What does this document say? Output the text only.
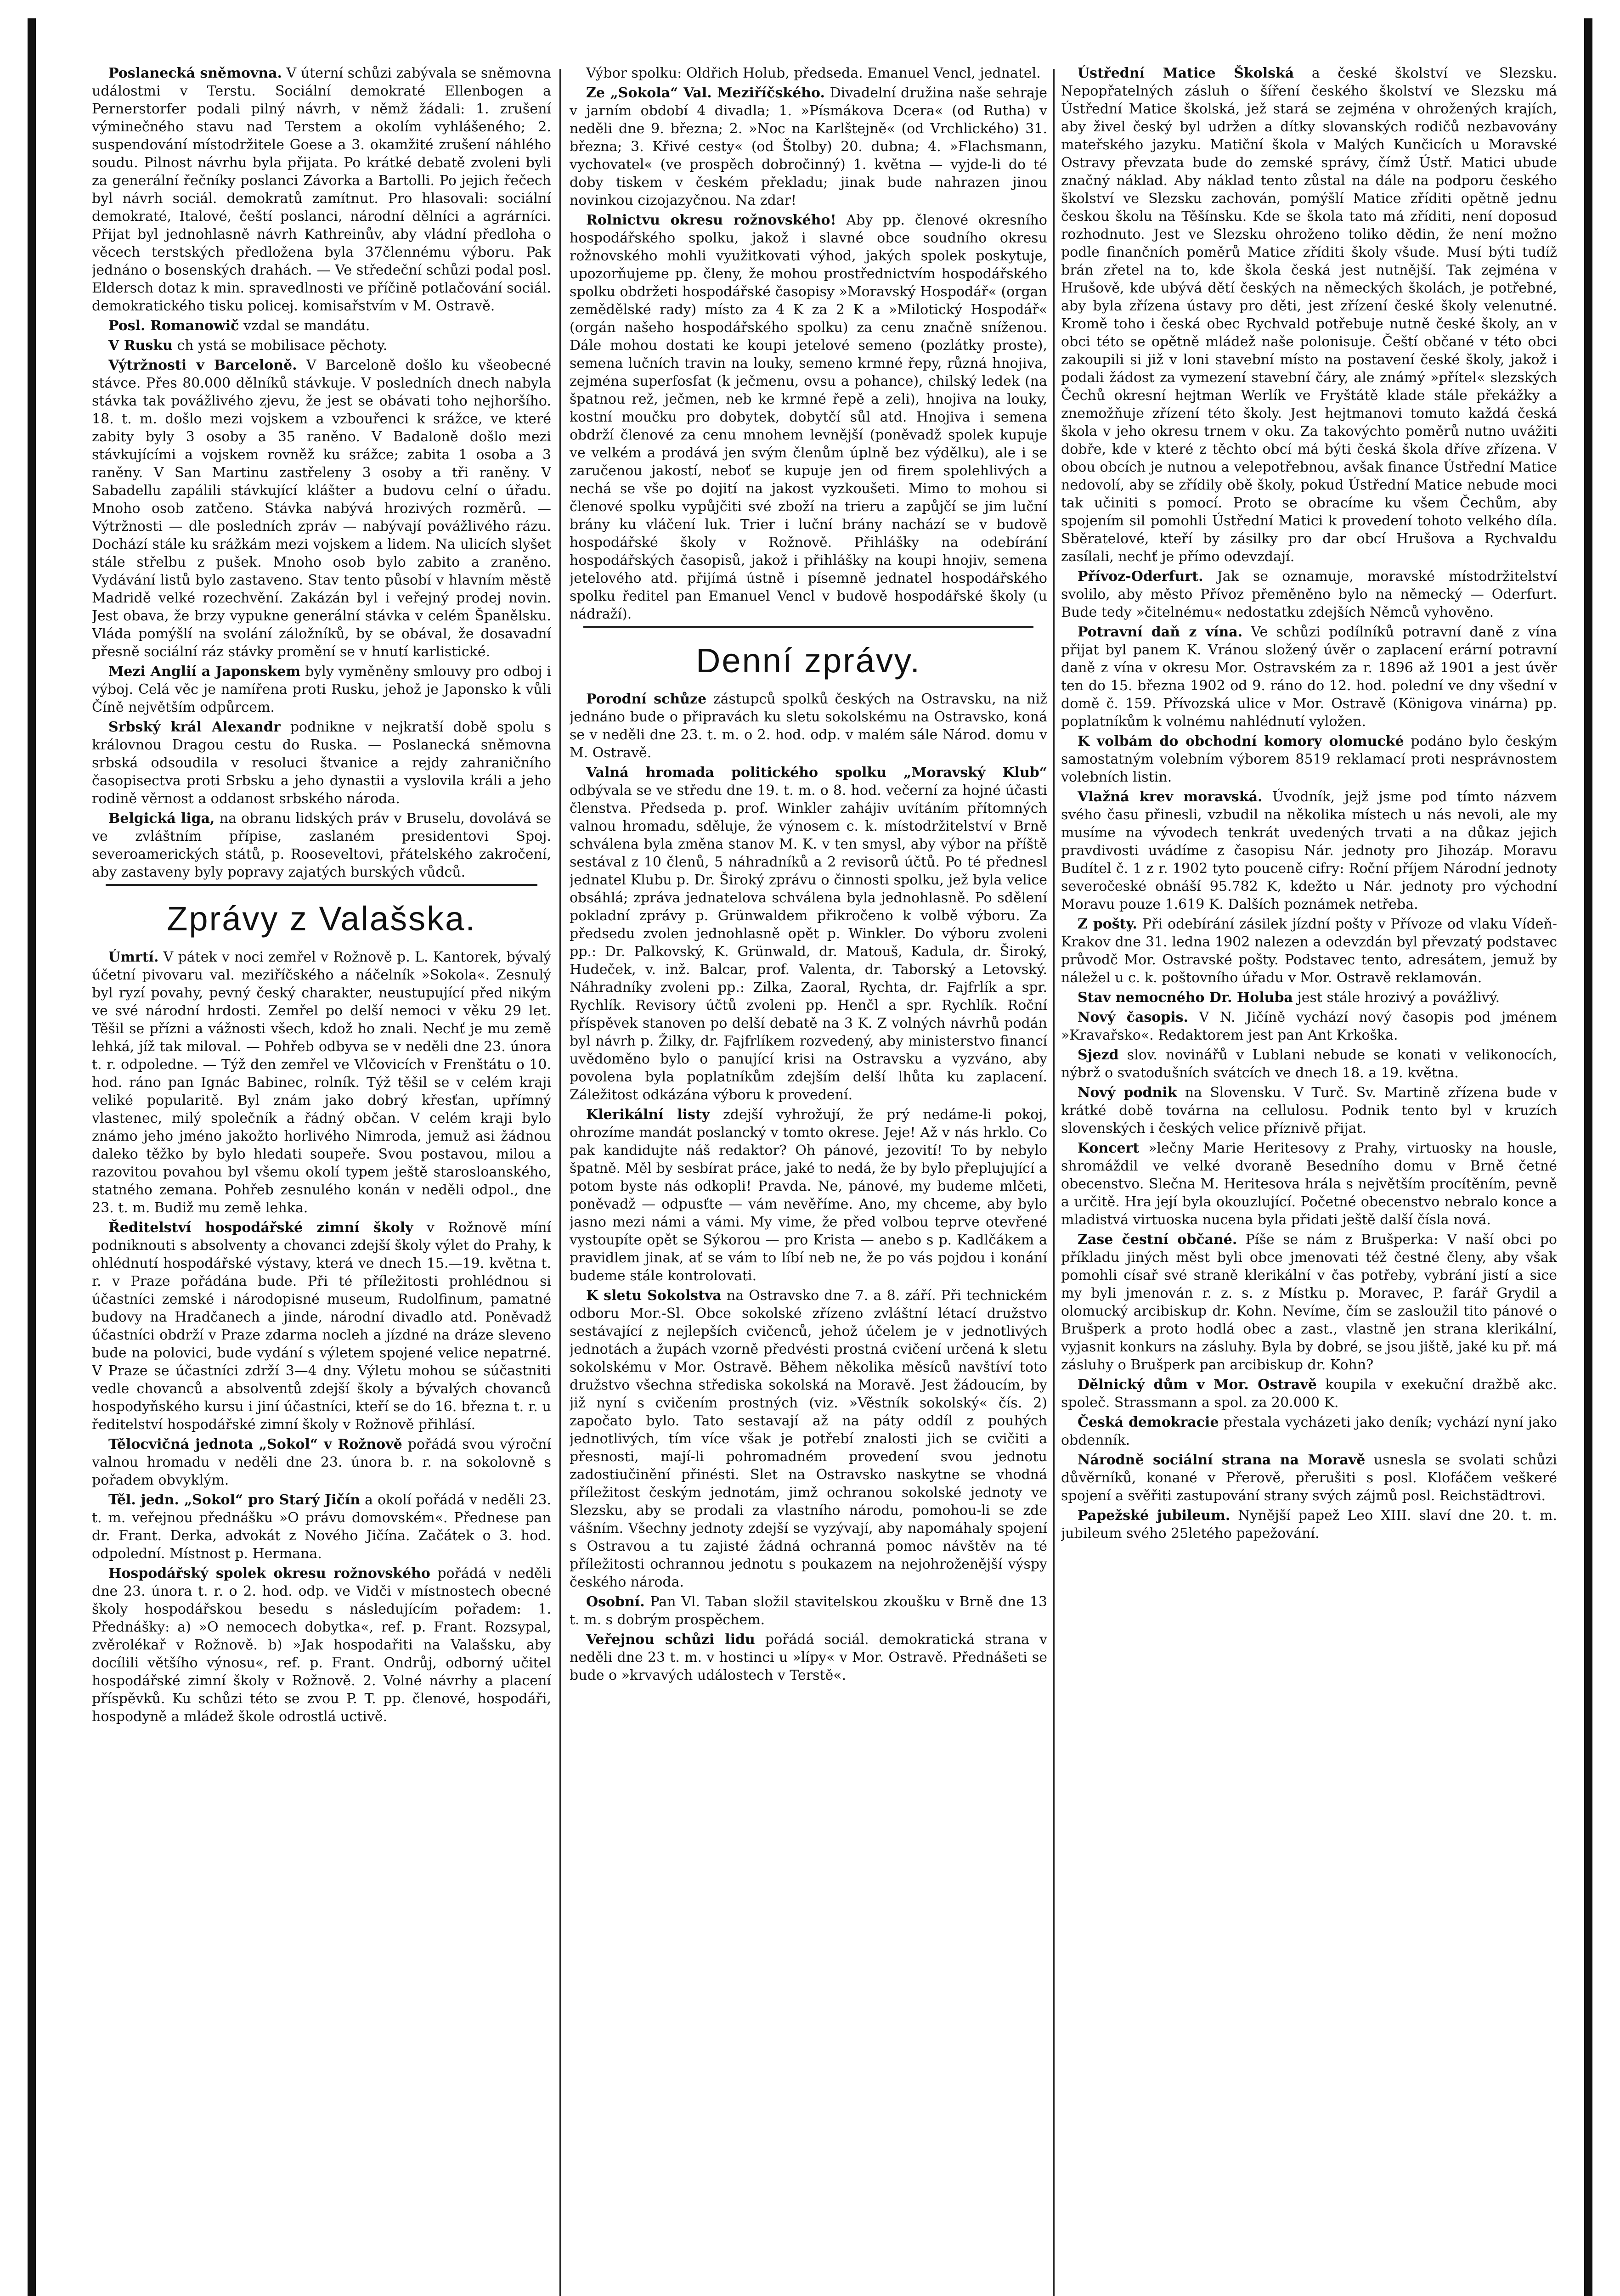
Poslanecká sněmovna. V úterní schůzi zabývala se sněmovna událostmi v Terstu. Sociální demokraté Ellenbogen a Pernerstorfer podali pilný návrh, v němž žádali: 1. zrušení výminečného stavu nad Terstem a okolím vyhlášeného; 2. suspendování místodržitele Goese a 3. okamžité zrušení náhlého soudu. Pilnost návrhu byla přijata. Po krátké debatě zvoleni byli za generální řečníky poslanci Závorka a Bartolli. Po jejich řečech byl návrh sociál. demokratů zamítnut. Pro hlasovali: sociální demokraté, Italové, čeští poslanci, národní dělníci a agrárníci. Přijat byl jednohlasně návrh Kathreinův, aby vládní předloha o věcech terstských předložena byla 37člennému výboru. Pak jednáno o bosenských drahách. — Ve středeční schůzi podal posl. Eldersch dotaz k min. spravedlnosti ve příčině potlačování sociál. demokratického tisku policej. komisařstvím v M. Ostravě.
Posl. Romanowič vzdal se mandátu.
V Rusku ch ystá se mobilisace pěchoty.
Výtržnosti v Barceloně. V Barceloně došlo ku všeobecné stávce. Přes 80.000 dělníků stávkuje. V posledních dnech nabyla stávka tak povážlivého zjevu, že jest se obávati toho nejhoršího. 18. t. m. došlo mezi vojskem a vzbouřenci k srážce, ve které zabity byly 3 osoby a 35 raněno. V Badaloně došlo mezi stávkujícími a vojskem rovněž ku srážce; zabita 1 osoba a 3 raněny. V San Martinu zastřeleny 3 osoby a tři raněny. V Sabadellu zapálili stávkující klášter a budovu celní o úřadu. Mnoho osob zatčeno. Stávka nabývá hrozivých rozměrů. — Výtržnosti — dle posledních zpráv — nabývají povážlivého rázu. Dochází stále ku srážkám mezi vojskem a lidem. Na ulicích slyšet stále střelbu z pušek. Mnoho osob bylo zabito a zraněno. Vydávání listů bylo zastaveno. Stav tento působí v hlavním městě Madridě velké rozechvění. Zakázán byl i veřejný prodej novin. Jest obava, že brzy vypukne generální stávka v celém Španělsku. Vláda pomýšlí na svolání záložníků, by se obával, že dosavadní přesně sociální ráz stávky promění se v hnutí karlistické.
Mezi Anglií a Japonskem byly vyměněny smlouvy pro odboj i výboj. Celá věc je namířena proti Rusku, jehož je Japonsko k vůli Číně největším odpůrcem.
Srbský král Alexandr podnikne v nejkratší době spolu s královnou Dragou cestu do Ruska. — Poslanecká sněmovna srbská odsoudila v resoluci štvanice a rejdy zahraničního časopisectva proti Srbsku a jeho dynastii a vyslovila králi a jeho rodině věrnost a oddanost srbského národa.
Belgická liga, na obranu lidských práv v Bruselu, dovolává se ve zvláštním přípise, zaslaném presidentovi Spoj. severoamerických států, p. Rooseveltovi, přátelského zakročení, aby zastaveny byly popravy zajatých burských vůdců.
Zprávy z Valašska.
Úmrtí. V pátek v noci zemřel v Rožnově p. L. Kantorek, bývalý účetní pivovaru val. meziříčského a náčelník »Sokola«. Zesnulý byl ryzí povahy, pevný český charakter, neustupující před nikým ve své národní hrdosti. Zemřel po delší nemoci v věku 29 let. Těšil se přízni a vážnosti všech, kdož ho znali. Nechť je mu země lehká, jíž tak miloval. — Pohřeb odbyva se v neděli dne 23. února t. r. odpoledne. — Týž den zemřel ve Vlčovicích v Frenštátu o 10. hod. ráno pan Ignác Babinec, rolník. Týž těšil se v celém kraji veliké popularitě. Byl znám jako dobrý křesťan, upřímný vlastenec, milý společník a řádný občan. V celém kraji bylo známo jeho jméno jakožto horlivého Nimroda, jemuž asi žádnou daleko těžko by bylo hledati soupeře. Svou postavou, milou a razovitou povahou byl všemu okolí typem ještě starosloanského, statného zemana. Pohřeb zesnulého konán v neděli odpol., dne 23. t. m. Budiž mu země lehka.
Ředitelství hospodářské zimní školy v Rožnově míní podniknouti s absolventy a chovanci zdejší školy výlet do Prahy, k ohlédnutí hospodářské výstavy, která ve dnech 15.—19. května t. r. v Praze pořádána bude. Při té příležitosti prohlédnou si účastníci zemské i národopisné museum, Rudolfinum, pamatné budovy na Hradčanech a jinde, národní divadlo atd. Poněvadž účastníci obdrží v Praze zdarma nocleh a jízdné na dráze sleveno bude na polovici, bude vydání s výletem spojené velice nepatrné. V Praze se účastníci zdrží 3—4 dny. Výletu mohou se súčastniti vedle chovanců a absolventů zdejší školy a bývalých chovanců hospodyňského kursu i jiní účastníci, kteří se do 16. března t. r. u ředitelství hospodářské zimní školy v Rožnově přihlásí.
Tělocvičná jednota „Sokol“ v Rožnově pořádá svou výroční valnou hromadu v neděli dne 23. února b. r. na sokolovně s pořadem obvyklým.
Těl. jedn. „Sokol“ pro Starý Jičín a okolí pořádá v neděli 23. t. m. veřejnou přednášku »O právu domovském«. Přednese pan dr. Frant. Derka, advokát z Nového Jičína. Začátek o 3. hod. odpolední. Místnost p. Hermana.
Hospodářský spolek okresu rožnovského pořádá v neděli dne 23. února t. r. o 2. hod. odp. ve Vidči v místnostech obecné školy hospodářskou besedu s následujícím pořadem: 1. Přednášky: a) »O nemocech dobytka«, ref. p. Frant. Rozsypal, zvěrolékař v Rožnově. b) »Jak hospodařiti na Valašsku, aby docílili většího výnosu«, ref. p. Frant. Ondrůj, odborný učitel hospodářské zimní školy v Rožnově. 2. Volné návrhy a placení příspěvků. Ku schůzi této se zvou P. T. pp. členové, hospodáři, hospodyně a mládež škole odrostlá uctivě.
Výbor spolku: Oldřich Holub, předseda. Emanuel Vencl, jednatel.
Ze „Sokola“ Val. Meziříčského. Divadelní družina naše sehraje v jarním období 4 divadla; 1. »Písmákova Dcera« (od Rutha) v neděli dne 9. března; 2. »Noc na Karlštejně« (od Vrchlického) 31. března; 3. Křivé cesty« (od Štolby) 20. dubna; 4. »Flachsmann, vychovatel« (ve prospěch dobročinný) 1. května — vyjde-li do té doby tiskem v českém překladu; jinak bude nahrazen jinou novinkou cizojazyčnou. Na zdar!
Rolnictvu okresu rožnovského! Aby pp. členové okresního hospodářského spolku, jakož i slavné obce soudního okresu rožnovského mohli využitkovati výhod, jakých spolek poskytuje, upozorňujeme pp. členy, že mohou prostřednictvím hospodářského spolku obdržeti hospodářské časopisy »Moravský Hospodář« (organ zemědělské rady) místo za 4 K za 2 K a »Milotický Hospodář« (orgán našeho hospodářského spolku) za cenu značně sníženou. Dále mohou dostati ke koupi jetelové semeno (pozlátky proste), semena lučních travin na louky, semeno krmné řepy, různá hnojiva, zejména superfosfat (k ječmenu, ovsu a pohance), chilský ledek (na špatnou rež, ječmen, neb ke krmné řepě a zeli), hnojiva na louky, kostní moučku pro dobytek, dobytčí sůl atd. Hnojiva i semena obdrží členové za cenu mnohem levnější (poněvadž spolek kupuje ve velkém a prodává jen svým členům úplně bez výdělku), ale i se zaručenou jakostí, neboť se kupuje jen od firem spolehlivých a nechá se vše po dojití na jakost vyzkoušeti. Mimo to mohou si členové spolku vypůjčiti své zboží na trieru a zapůjčí se jim luční brány ku vláčení luk. Trier i luční brány nachází se v budově hospodářské školy v Rožnově. Přihlášky na odebírání hospodářských časopisů, jakož i přihlášky na koupi hnojiv, semena jetelového atd. přijímá ústně i písemně jednatel hospodářského spolku ředitel pan Emanuel Vencl v budově hospodářské školy (u nádraží).
Denní zprávy.
Porodní schůze zástupců spolků českých na Ostravsku, na niž jednáno bude o připravách ku sletu sokolskému na Ostravsko, koná se v neděli dne 23. t. m. o 2. hod. odp. v malém sále Národ. domu v M. Ostravě.
Valná hromada politického spolku „Moravský Klub“ odbývala se ve středu dne 19. t. m. o 8. hod. večerní za hojné účasti členstva. Předseda p. prof. Winkler zahájiv uvítáním přítomných valnou hromadu, sděluje, že výnosem c. k. místodržitelství v Brně schválena byla změna stanov M. K. v ten smysl, aby výbor na příště sestával z 10 členů, 5 náhradníků a 2 revisorů účtů. Po té přednesl jednatel Klubu p. Dr. Široký zprávu o činnosti spolku, jež byla velice obsáhlá; zpráva jednatelova schválena byla jednohlasně. Po sdělení pokladní zprávy p. Grünwaldem přikročeno k volbě výboru. Za předsedu zvolen jednohlasně opět p. Winkler. Do výboru zvoleni pp.: Dr. Palkovský, K. Grünwald, dr. Matouš, Kadula, dr. Široký, Hudeček, v. inž. Balcar, prof. Valenta, dr. Taborský a Letovský. Náhradníky zvoleni pp.: Zilka, Zaoral, Rychta, dr. Fajfrlík a spr. Rychlík. Revisory účtů zvoleni pp. Henčl a spr. Rychlík. Roční příspěvek stanoven po delší debatě na 3 K. Z volných návrhů podán byl návrh p. Žilky, dr. Fajfrlíkem rozvedený, aby ministerstvo financí uvědoměno bylo o panující krisi na Ostravsku a vyzváno, aby povolena byla poplatníkům zdejším delší lhůta ku zaplacení. Záležitost odkázána výboru k provedení.
Klerikální listy zdejší vyhrožují, že prý nedáme-li pokoj, ohrozíme mandát poslancký v tomto okrese. Jeje! Až v nás hrklo. Co pak kandidujte náš redaktor? Oh pánové, jezovití! To by nebylo špatně. Měl by sesbírat práce, jaké to nedá, že by bylo přeplujující a potom byste nás odkopli! Pravda. Ne, pánové, my budeme mlčeti, poněvadž — odpusťte — vám nevěříme. Ano, my chceme, aby bylo jasno mezi námi a vámi. My vime, že před volbou teprve otevřené vystoupíte opět se Sýkorou — pro Krista — anebo s p. Kadlčákem a pravidlem jinak, ať se vám to líbí neb ne, že po vás pojdou i konání budeme stále kontrolovati.
K sletu Sokolstva na Ostravsko dne 7. a 8. září. Při technickém odboru Mor.-Sl. Obce sokolské zřízeno zvláštní létací družstvo sestávající z nejlepších cvičenců, jehož účelem je v jednotlivých jednotách a župách vzorně předvésti prostná cvičení určená k sletu sokolskému v Mor. Ostravě. Během několika měsíců navštíví toto družstvo všechna střediska sokolská na Moravě. Jest žádoucím, by již nyní s cvičením prostných (viz. »Věstník sokolský« čís. 2) započato bylo. Tato sestavají až na páty oddíl z pouhých jednotlivých, tím více však je potřebí znalosti jich se cvičiti a přesnosti, mají-li pohromadném provedení svou jednotu zadostiučinění přinésti. Slet na Ostravsko naskytne se vhodná příležitost českým jednotám, jimž ochranou sokolské jednoty ve Slezsku, aby se prodali za vlastního národu, pomohou-li se zde vášním. Všechny jednoty zdejší se vyzývají, aby napomáhaly spojení s Ostravou a tu zajisté žádná ochranná pomoc návštěv na té příležitosti ochrannou jednotu s poukazem na nejohroženější výspy českého národa.
Osobní. Pan Vl. Taban složil stavitelskou zkoušku v Brně dne 13 t. m. s dobrým prospěchem.
Veřejnou schůzi lidu pořádá sociál. demokratická strana v neděli dne 23 t. m. v hostinci u »lípy« v Mor. Ostravě. Přednášeti se bude o »krvavých událostech v Terstě«.
Ústřední Matice Školská a české školství ve Slezsku. Nepopřatelných zásluh o šíření českého školství ve Slezsku má Ústřední Matice školská, jež stará se zejména v ohrožených krajích, aby živel český byl udržen a dítky slovanských rodičů nezbavovány mateřského jazyku. Matiční škola v Malých Kunčicích u Moravské Ostravy převzata bude do zemské správy, čímž Ústř. Matici ubude značný náklad. Aby náklad tento zůstal na dále na podporu českého školství ve Slezsku zachován, pomýšlí Matice zříditi opětně jednu českou školu na Těšínsku. Kde se škola tato má zříditi, není doposud rozhodnuto. Jest ve Slezsku ohroženo toliko dědin, že není možno podle finančních poměrů Matice zříditi školy všude. Musí býti tudíž brán zřetel na to, kde škola česká jest nutnější. Tak zejména v Hrušově, kde ubývá dětí českých na německých školách, je potřebné, aby byla zřízena ústavy pro děti, jest zřízení české školy velenutné. Kromě toho i česká obec Rychvald potřebuje nutně české školy, an v obci této se opětně mládež naše polonisuje. Čeští občané v této obci zakoupili si již v loni stavební místo na postavení české školy, jakož i podali žádost za vymezení stavební čáry, ale známý »přítel« slezských Čechů okresní hejtman Werlík ve Fryštátě klade stále překážky a znemožňuje zřízení této školy. Jest hejtmanovi tomuto každá česká škola v jeho okresu trnem v oku. Za takovýchto poměrů nutno uvážiti dobře, kde v které z těchto obcí má býti česká škola dříve zřízena. V obou obcích je nutnou a velepotřebnou, avšak finance Ústřední Matice nedovolí, aby se zřídily obě školy, pokud Ústřední Matice nebude moci tak učiniti s pomocí. Proto se obracíme ku všem Čechům, aby spojením sil pomohli Ústřední Matici k provedení tohoto velkého díla. Sběratelové, kteří by zásilky pro dar obcí Hrušova a Rychvaldu zasílali, nechť je přímo odevzdají.
Přívoz-Oderfurt. Jak se oznamuje, moravské místodržitelství svolilo, aby město Přívoz přeměněno bylo na německý — Oderfurt. Bude tedy »čitelnému« nedostatku zdejších Němců vyhověno.
Potravní daň z vína. Ve schůzi podílníků potravní daně z vína přijat byl panem K. Vránou složený úvěr o zaplacení erární potravní daně z vína v okresu Mor. Ostravském za r. 1896 až 1901 a jest úvěr ten do 15. března 1902 od 9. ráno do 12. hod. polední ve dny všední v domě č. 159. Přívozská ulice v Mor. Ostravě (Königova vinárna) pp. poplatníkům k volnému nahlédnutí vyložen.
K volbám do obchodní komory olomucké podáno bylo českým samostatným volebním výborem 8519 reklamací proti nesprávnostem volebních listin.
Vlažná krev moravská. Úvodník, jejž jsme pod tímto názvem svého času přinesli, vzbudil na několika místech u nás nevoli, ale my musíme na vývodech tenkrát uvedených trvati a na důkaz jejich pravdivosti uvádíme z časopisu Nár. jednoty pro Jihozáp. Moravu Budítel č. 1 z r. 1902 tyto pouceně cifry: Roční příjem Národní jednoty severočeské obnáší 95.782 K, kdežto u Nár. jednoty pro východní Moravu pouze 1.619 K. Dalších poznámek netřeba.
Z pošty. Při odebírání zásilek jízdní pošty v Přívoze od vlaku Vídeň-Krakov dne 31. ledna 1902 nalezen a odevzdán byl převzatý podstavec průvodč Mor. Ostravské pošty. Podstavec tento, adresátem, jemuž by náležel u c. k. poštovního úřadu v Mor. Ostravě reklamován.
Stav nemocného Dr. Holuba jest stále hrozivý a povážlivý.
Nový časopis. V N. Jičíně vychází nový časopis pod jménem »Kravařsko«. Redaktorem jest pan Ant Krkoška.
Sjezd slov. novinářů v Lublani nebude se konati v velikonocích, nýbrž o svatodušních svátcích ve dnech 18. a 19. května.
Nový podnik na Slovensku. V Turč. Sv. Martině zřízena bude v krátké době továrna na cellulosu. Podnik tento byl v kruzích slovenských i českých velice příznivě přijat.
Koncert »lečny Marie Heritesovy z Prahy, virtuosky na housle, shromáždil ve velké dvoraně Besedního domu v Brně četné obecenstvo. Slečna M. Heritesova hrála s největším procítěním, pevně a určitě. Hra její byla okouzlující. Početné obecenstvo nebralo konce a mladistvá virtuoska nucena byla přidati ještě další čísla nová.
Zase čestní občané. Píše se nám z Brušperka: V naší obci po příkladu jiných měst byli obce jmenovati též čestné členy, aby však pomohli císař své straně klerikální v čas potřeby, vybrání jistí a sice my byli jmenován r. z. s. z Místku p. Moravec, P. farář Grydil a olomucký arcibiskup dr. Kohn. Nevíme, čím se zasloužil tito pánové o Brušperk a proto hodlá obec a zast., vlastně jen strana klerikální, vyjasnit konkurs na zásluhy. Byla by dobré, se jsou jiště, jaké ku př. má zásluhy o Brušperk pan arcibiskup dr. Kohn?
Dělnický dům v Mor. Ostravě koupila v exekuční dražbě akc. společ. Strassmann a spol. za 20.000 K.
Česká demokracie přestala vycházeti jako deník; vychází nyní jako obdenník.
Národně sociální strana na Moravě usnesla se svolati schůzi důvěrníků, konané v Přerově, přerušiti s posl. Klofáčem veškeré spojení a svěřiti zastupování strany svých zájmů posl. Reichstädtrovi.
Papežské jubileum. Nynější papež Leo XIII. slaví dne 20. t. m. jubileum svého 25letého papežování.
